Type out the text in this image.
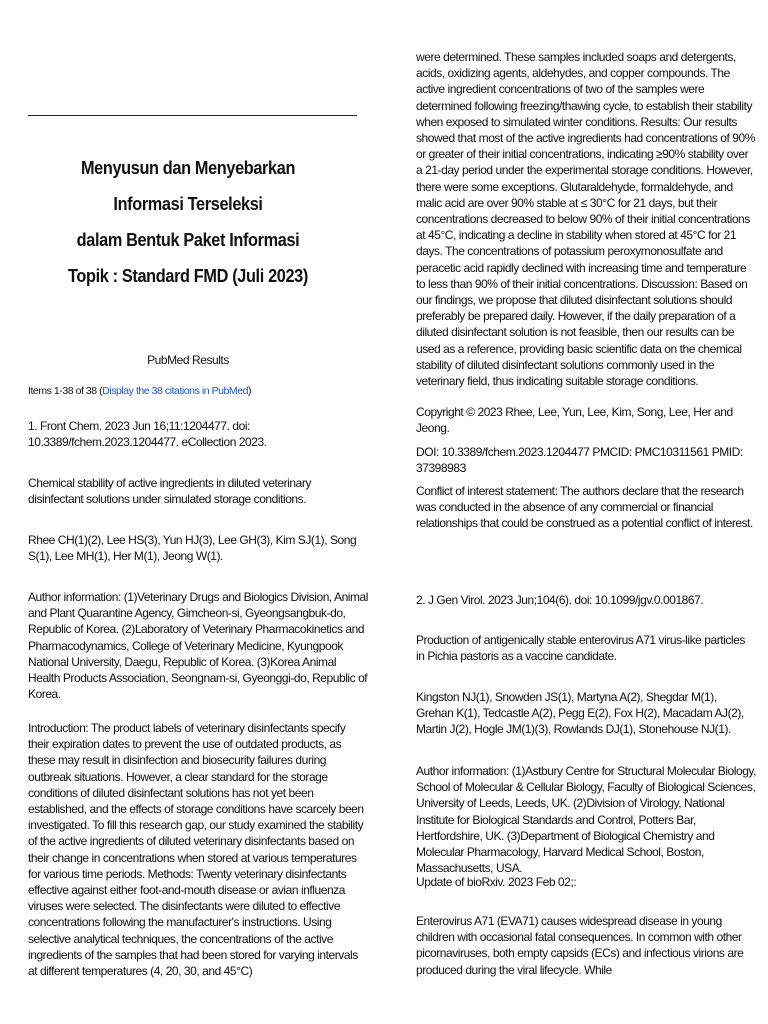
Menyusun dan Menyebarkan
Informasi Terseleksi
dalam Bentuk Paket Informasi
Topik : Standard FMD (Juli 2023)
PubMed Results
Items 1-38 of 38 (Display the 38 citations in PubMed)

1. Front Chem. 2023 Jun 16;11:1204477. doi: 10.3389/fchem.2023.1204477. eCollection 2023.

Chemical stability of active ingredients in diluted veterinary disinfectant solutions under simulated storage conditions.

Rhee CH(1)(2), Lee HS(3), Yun HJ(3), Lee GH(3), Kim SJ(1), Song S(1), Lee MH(1), Her M(1), Jeong W(1).

Author information: (1)Veterinary Drugs and Biologics Division, Animal and Plant Quarantine Agency, Gimcheon-si, Gyeongsangbuk-do, Republic of Korea. (2)Laboratory of Veterinary Pharmacokinetics and Pharmacodynamics, College of Veterinary Medicine, Kyungpook National University, Daegu, Republic of Korea. (3)Korea Animal Health Products Association, Seongnam-si, Gyeonggi-do, Republic of Korea.

Introduction: The product labels of veterinary disinfectants specify their expiration dates to prevent the use of outdated products, as these may result in disinfection and biosecurity failures during outbreak situations. However, a clear standard for the storage conditions of diluted disinfectant solutions has not yet been established, and the effects of storage conditions have scarcely been investigated. To fill this research gap, our study examined the stability of the active ingredients of diluted veterinary disinfectants based on their change in concentrations when stored at various temperatures for various time periods. Methods: Twenty veterinary disinfectants effective against either foot-and-mouth disease or avian influenza viruses were selected. The disinfectants were diluted to effective concentrations following the manufacturer's instructions. Using selective analytical techniques, the concentrations of the active ingredients of the samples that had been stored for varying intervals at different temperatures (4, 20, 30, and 45°C)

were determined. These samples included soaps and detergents, acids, oxidizing agents, aldehydes, and copper compounds. The active ingredient concentrations of two of the samples were determined following freezing/thawing cycle, to establish their stability when exposed to simulated winter conditions. Results: Our results showed that most of the active ingredients had concentrations of 90% or greater of their initial concentrations, indicating ≥90% stability over a 21-day period under the experimental storage conditions. However, there were some exceptions. Glutaraldehyde, formaldehyde, and malic acid are over 90% stable at ≤ 30°C for 21 days, but their concentrations decreased to below 90% of their initial concentrations at 45°C, indicating a decline in stability when stored at 45°C for 21 days. The concentrations of potassium peroxymonosulfate and peracetic acid rapidly declined with increasing time and temperature to less than 90% of their initial concentrations. Discussion: Based on our findings, we propose that diluted disinfectant solutions should preferably be prepared daily. However, if the daily preparation of a diluted disinfectant solution is not feasible, then our results can be used as a reference, providing basic scientific data on the chemical stability of diluted disinfectant solutions commonly used in the veterinary field, thus indicating suitable storage conditions.

Copyright © 2023 Rhee, Lee, Yun, Lee, Kim, Song, Lee, Her and Jeong.

DOI: 10.3389/fchem.2023.1204477 PMCID: PMC10311561 PMID: 37398983

Conflict of interest statement: The authors declare that the research was conducted in the absence of any commercial or financial relationships that could be construed as a potential conflict of interest.

2. J Gen Virol. 2023 Jun;104(6). doi: 10.1099/jgv.0.001867.

Production of antigenically stable enterovirus A71 virus-like particles in Pichia pastoris as a vaccine candidate.

Kingston NJ(1), Snowden JS(1), Martyna A(2), Shegdar M(1), Grehan K(1), Tedcastle A(2), Pegg E(2), Fox H(2), Macadam AJ(2), Martin J(2), Hogle JM(1)(3), Rowlands DJ(1), Stonehouse NJ(1).

Author information: (1)Astbury Centre for Structural Molecular Biology, School of Molecular & Cellular Biology, Faculty of Biological Sciences, University of Leeds, Leeds, UK. (2)Division of Virology, National Institute for Biological Standards and Control, Potters Bar, Hertfordshire, UK. (3)Department of Biological Chemistry and Molecular Pharmacology, Harvard Medical School, Boston, Massachusetts, USA.

Update of bioRxiv. 2023 Feb 02;:

Enterovirus A71 (EVA71) causes widespread disease in young children with occasional fatal consequences. In common with other picornaviruses, both empty capsids (ECs) and infectious virions are produced during the viral lifecycle. While
